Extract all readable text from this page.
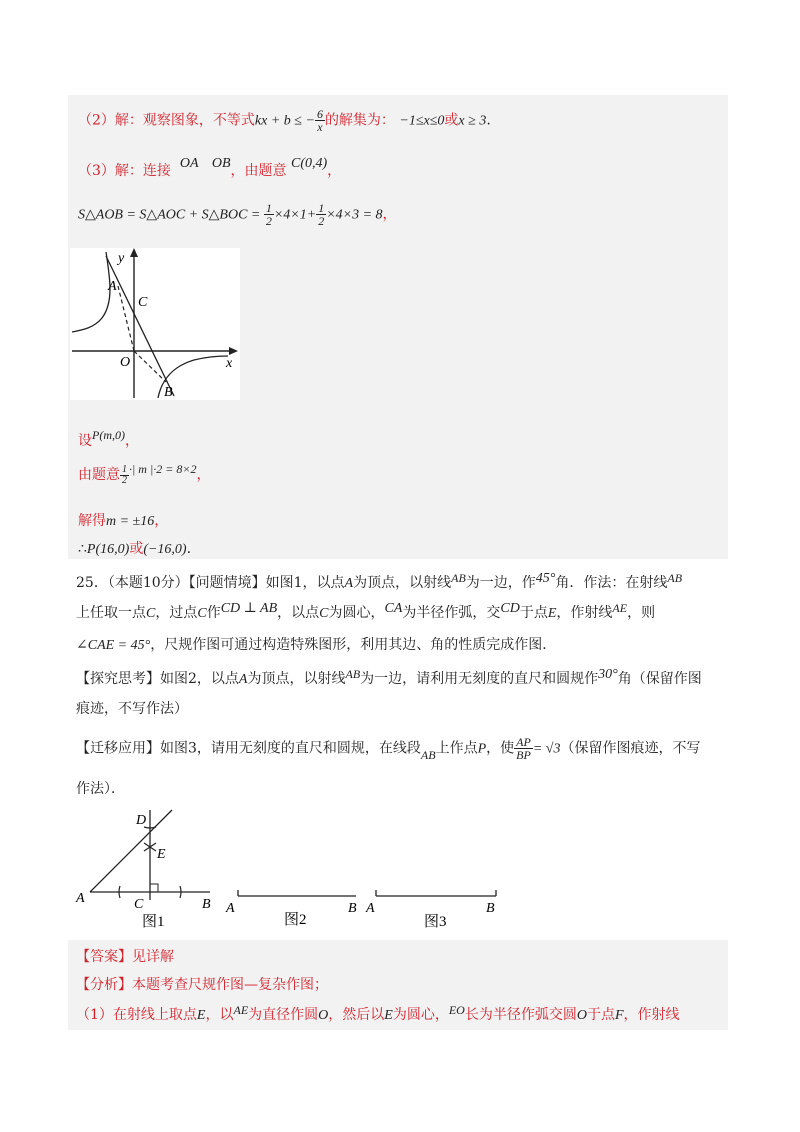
（2）解：观察图象，不等式kx + b ≤ − $\frac{6}{x}$ 的解集为： −1≤x≤0或x ≥ 3.
（3）解：连接 OA OB，由题意 C(0,4)，
S△AOB = S△AOC + S△BOC = $\frac{1}{2} \times 4\times 1+ \frac{1}{2} \times 4\times 3 = 8$，
y
x
A
C
O
B
设P(m,0)，
由题意 $\frac{1}{2}$ ·| m |·2 = 8×2，
解得m = ±16，
∴P(16,0)或(−16,0).
25．（本题10分）【问题情境】如图1，以点A为顶点，以射线AB为一边，作45°角．作法：在射线AB
上任取一点C，过点C作CD ⊥ AB，以点C为圆心，CA为半径作弧，交CD于点E，作射线AE，则
∠CAE = 45°，尺规作图可通过构造特殊图形，利用其边、角的性质完成作图．
【探究思考】如图2，以点A为顶点，以射线AB为一边，请利用无刻度的直尺和圆规作30°角（保留作图
痕迹，不写作法）
【迁移应用】如图3，请用无刻度的直尺和圆规，在线段AB上作点P，使 $\frac{AP}{BP} = √3$（保留作图痕迹，不写
作法）．
D
E
A	C	B
图1
A	B
图2
A	B
图3
【答案】见详解
【分析】本题考查尺规作图—复杂作图；
（1）在射线上取点E，以AE为直径作圆O，然后以E为圆心，EO长为半径作弧交圆O于点F，作射线
